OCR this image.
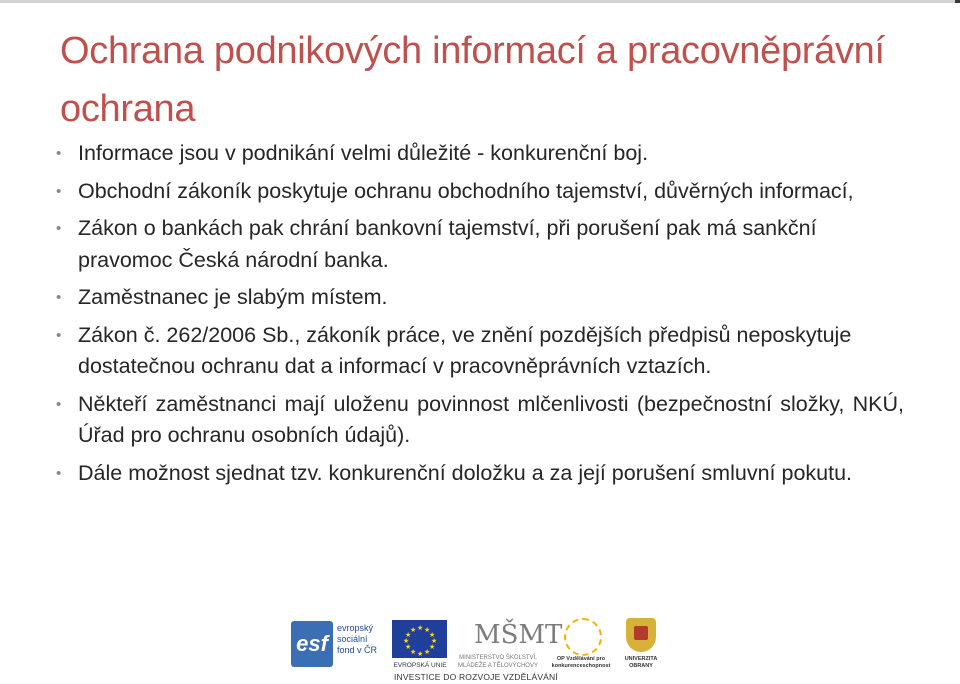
Ochrana podnikových informací a pracovněprávní ochrana
• Informace jsou v podnikání velmi důležité - konkurenční boj.
• Obchodní zákoník poskytuje ochranu obchodního tajemství, důvěrných informací,
• Zákon o bankách pak chrání bankovní tajemství, při porušení pak má sankční pravomoc Česká národní banka.
• Zaměstnanec je slabým místem.
• Zákon č. 262/2006 Sb., zákoník práce, ve znění pozdějších předpisů neposkytuje dostatečnou ochranu dat a informací v pracovněprávních vztazích.
• Někteří zaměstnanci mají uloženu povinnost mlčenlivosti (bezpečnostní složky, NKÚ, Úřad pro ochranu osobních údajů).
• Dále možnost sjednat tzv. konkurenční doložku a za její porušení smluvní pokutu.
esf
evropský
sociální
fond v ČR
★ ★
★
★
★
★
★
★
★
★
★
★
EVROPSKÁ UNIE
MŠMT
MINISTERSTVO ŠKOLSTVÍ, MLÁDEŽE A TĚLOVÝCHOVY
OP Vzdělávání pro konkurenceschopnost
UNIVERZITA OBRANY
INVESTICE DO ROZVOJE VZDĚLÁVÁNÍ
